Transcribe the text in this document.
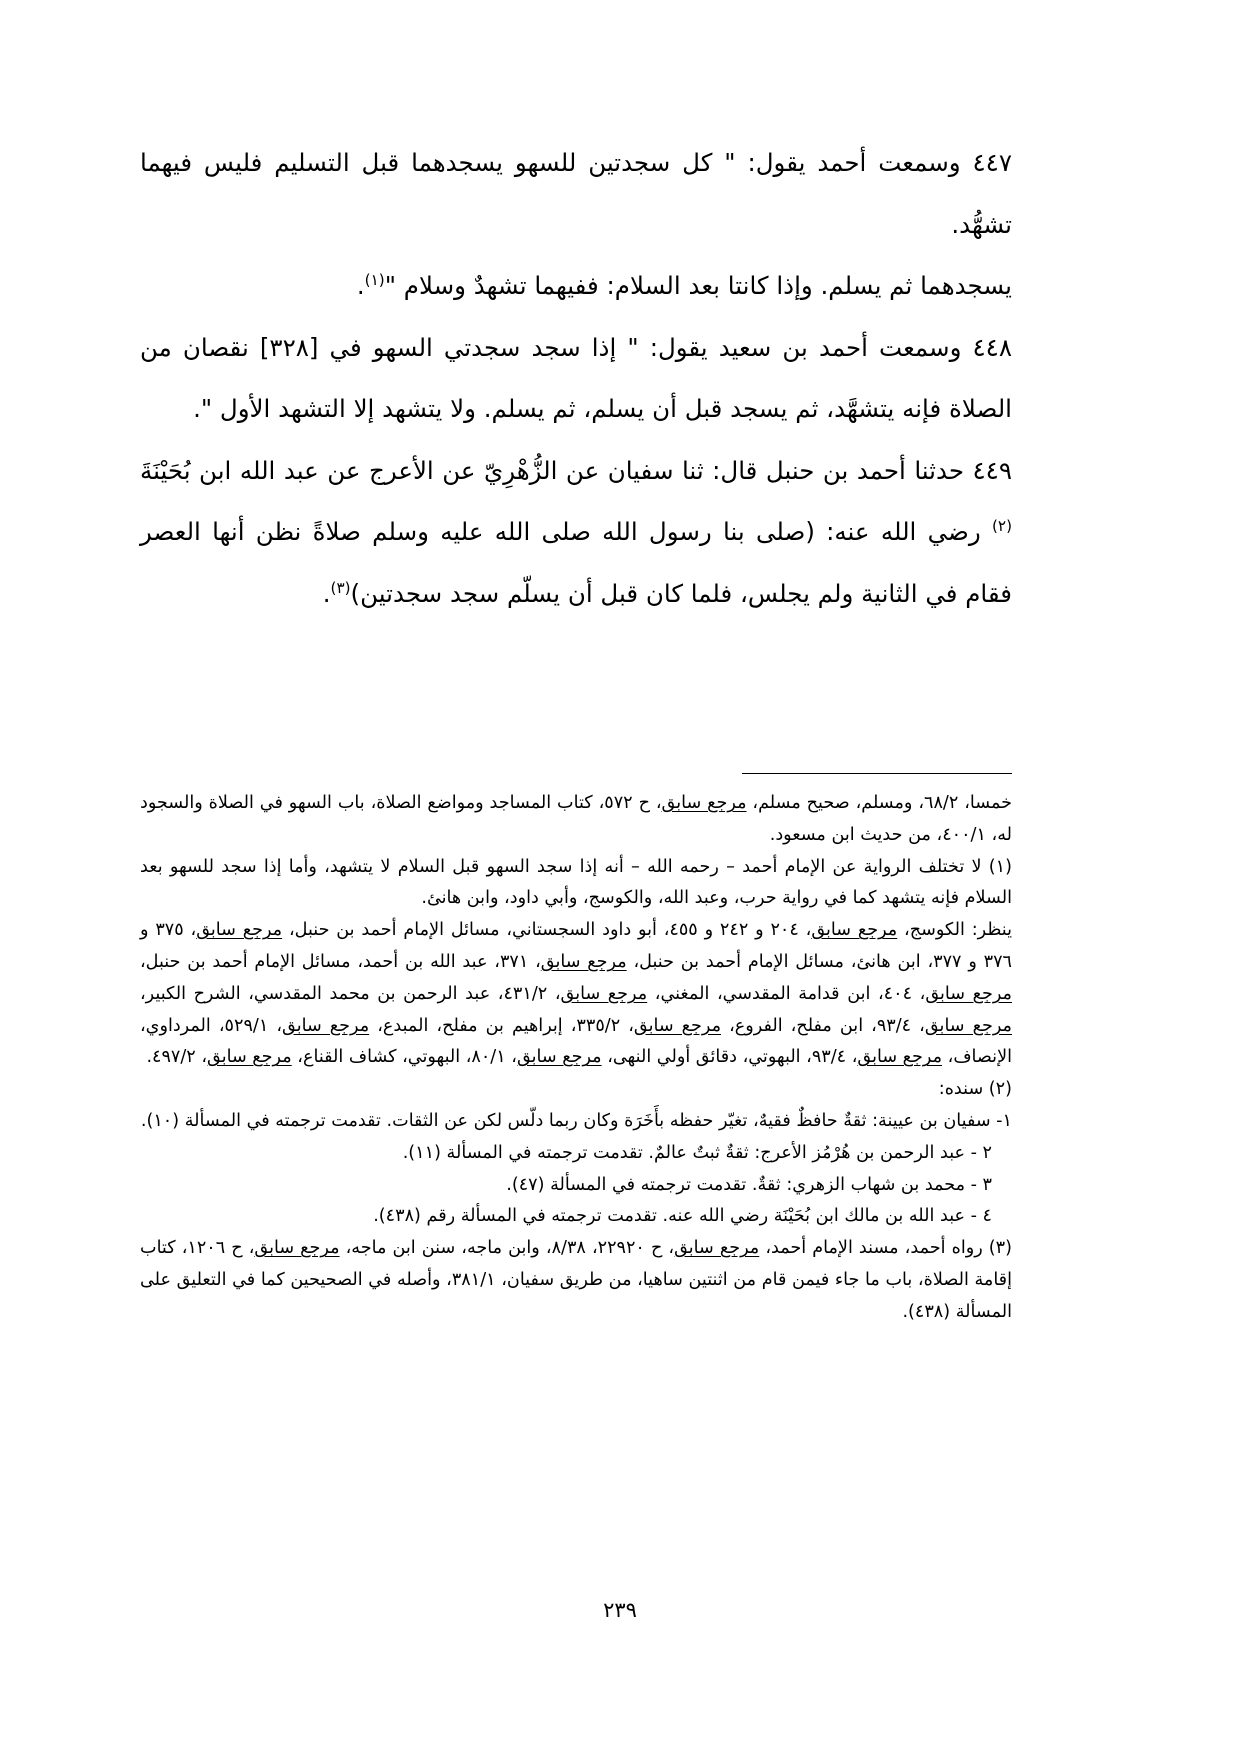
٤٤٧ وسمعت أحمد يقول: " كل سجدتين للسهو يسجدهما قبل التسليم فليس فيهما تشهُّد.
يسجدهما ثم يسلم. وإذا كانتا بعد السلام: ففيهما تشهدٌ وسلام "$^{(١)}$.

٤٤٨ وسمعت أحمد بن سعيد يقول: " إذا سجد سجدتي السهو في [٣٢٨] نقصان من الصلاة فإنه يتشهَّد، ثم يسجد قبل أن يسلم، ثم يسلم. ولا يتشهد إلا التشهد الأول ".

٤٤٩ حدثنا أحمد بن حنبل قال: ثنا سفيان عن الزُّهْرِيّ عن الأعرج عن عبد الله ابن بُحَيْنَةَ $^{(٢)}$ رضي الله عنه: (صلى بنا رسول الله صلى الله عليه وسلم صلاةً نظن أنها العصر فقام في الثانية ولم يجلس، فلما كان قبل أن يسلّم سجد سجدتين)$^{(٣)}$.

خمسا، ٦٨/٢، ومسلم، صحيح مسلم، مرجع سابق، ح ٥٧٢، كتاب المساجد ومواضع الصلاة، باب السهو في الصلاة والسجود له، ٤٠٠/١، من حديث ابن مسعود.

(١) لا تختلف الرواية عن الإمام أحمد – رحمه الله – أنه إذا سجد السهو قبل السلام لا يتشهد، وأما إذا سجد للسهو بعد السلام فإنه يتشهد كما في رواية حرب، وعبد الله، والكوسج، وأبي داود، وابن هانئ.

ينظر: الكوسج، مرجع سابق، ٢٠٤ و ٢٤٢ و ٤٥٥، أبو داود السجستاني، مسائل الإمام أحمد بن حنبل، مرجع سابق، ٣٧٥ و ٣٧٦ و ٣٧٧، ابن هانئ، مسائل الإمام أحمد بن حنبل، مرجع سابق، ٣٧١، عبد الله بن أحمد، مسائل الإمام أحمد بن حنبل، مرجع سابق، ٤٠٤، ابن قدامة المقدسي، المغني، مرجع سابق، ٤٣١/٢، عبد الرحمن بن محمد المقدسي، الشرح الكبير، مرجع سابق، ٩٣/٤، ابن مفلح، الفروع، مرجع سابق، ٣٣٥/٢، إبراهيم بن مفلح، المبدع، مرجع سابق، ٥٢٩/١، المرداوي، الإنصاف، مرجع سابق، ٩٣/٤، البهوتي، دقائق أولي النهى، مرجع سابق، ٨٠/١، البهوتي، كشاف القناع، مرجع سابق، ٤٩٧/٢.

(٢) سنده:

١- سفيان بن عيينة: ثقةٌ حافظٌ فقيهٌ، تغيّر حفظه بأَخَرَة وكان ربما دلّس لكن عن الثقات. تقدمت ترجمته في المسألة (١٠).

٢ - عبد الرحمن بن هُرْمُز الأعرج: ثقةٌ ثبتٌ عالمٌ. تقدمت ترجمته في المسألة (١١).

٣ - محمد بن شهاب الزهري: ثقةٌ. تقدمت ترجمته في المسألة (٤٧).

٤ - عبد الله بن مالك ابن بُحَيْنَة رضي الله عنه. تقدمت ترجمته في المسألة رقم (٤٣٨).

(٣) رواه أحمد، مسند الإمام أحمد، مرجع سابق، ح ٢٢٩٢٠، ٨/٣٨، وابن ماجه، سنن ابن ماجه، مرجع سابق، ح ١٢٠٦، كتاب إقامة الصلاة، باب ما جاء فيمن قام من اثنتين ساهيا، من طريق سفيان، ٣٨١/١، وأصله في الصحيحين كما في التعليق على المسألة (٤٣٨).

٢٣٩
